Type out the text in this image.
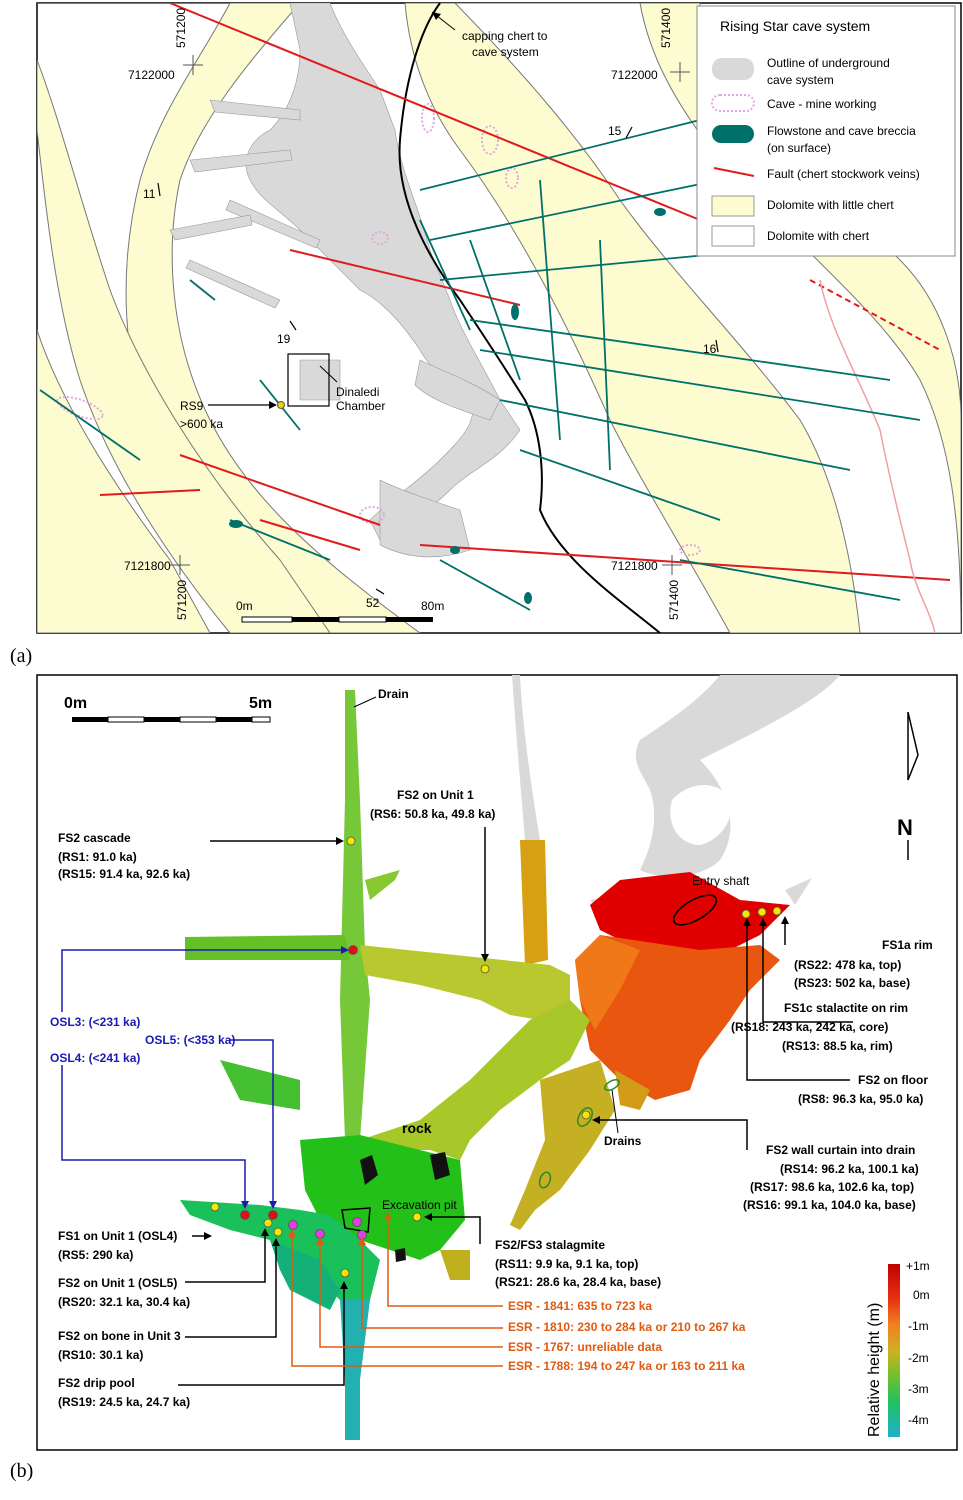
571200	571400
7122000	7122000
7121800	7121800
571200	571400
11
15
19
16
52
capping chert to
cave system
Dinaledi
Chamber
RS9
>600 ka
0m	80m
Rising Star cave system
Outline of underground
cave system
Cave - mine working
Flowstone and cave breccia
(on surface)
Fault (chert stockwork veins)
Dolomite with little chert
Dolomite with chert
(a)
0m	5m
N
Relative height (m)
+1m
0m
-1m
-2m
-3m
-4m
Drain
Entry shaft
rock
Drains
Excavation pit
FS2 cascade
(RS1: 91.0 ka)
(RS15: 91.4 ka, 92.6 ka)
FS2 on Unit 1
(RS6: 50.8 ka, 49.8 ka)
OSL3: (<231 ka)
OSL5: (<353 ka)
OSL4: (<241 ka)
FS1a rim
(RS22: 478 ka, top)
(RS23: 502 ka, base)
FS1c stalactite on rim
(RS18: 243 ka, 242 ka, core)
(RS13: 88.5 ka, rim)
FS2 on floor
(RS8: 96.3 ka, 95.0 ka)
FS2 wall curtain into drain
(RS14: 96.2 ka, 100.1 ka)
(RS17: 98.6 ka, 102.6 ka, top)
(RS16: 99.1 ka, 104.0 ka, base)
FS1 on Unit 1 (OSL4)
(RS5: 290 ka)
FS2 on Unit 1 (OSL5)
(RS20: 32.1 ka, 30.4 ka)
FS2 on bone in Unit 3
(RS10: 30.1 ka)
FS2 drip pool
(RS19: 24.5 ka, 24.7 ka)
FS2/FS3 stalagmite
(RS11: 9.9 ka, 9.1 ka, top)
(RS21: 28.6 ka, 28.4 ka, base)
ESR - 1841: 635 to 723 ka
ESR - 1810: 230 to 284 ka or 210 to 267 ka
ESR - 1767: unreliable data
ESR - 1788: 194 to 247 ka or 163 to 211 ka
(b)
